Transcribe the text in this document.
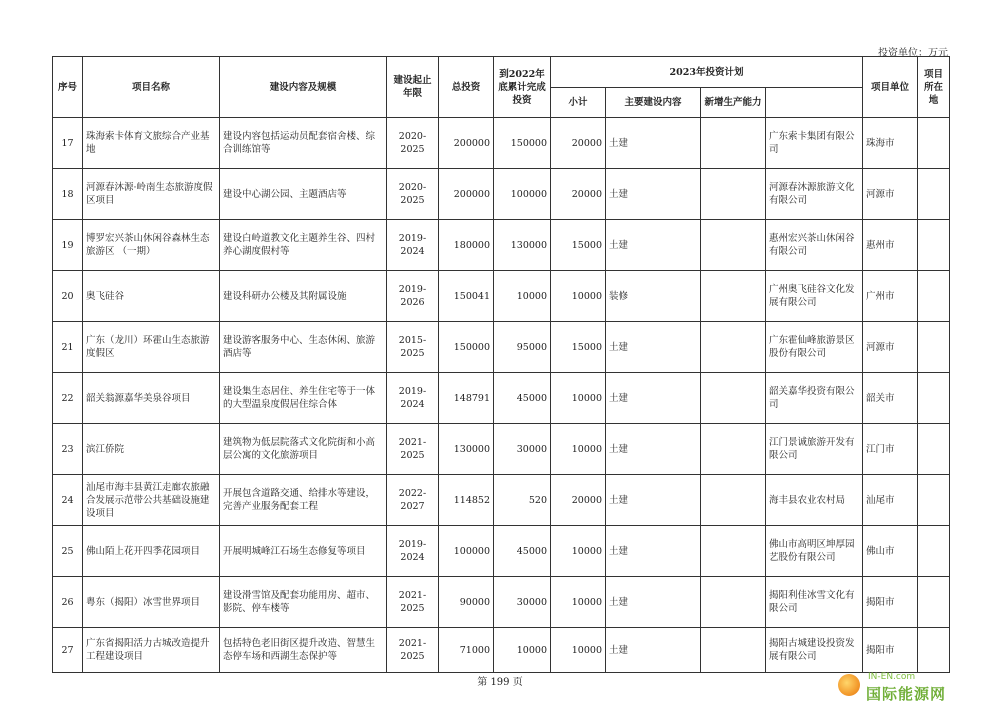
投资单位：万元
序号	项目名称	建设内容及规模	建设起止年限	总投资	到2022年底累计完成投资	2023年投资计划				项目单位	项目所在地	
						小计	主要建设内容	新增生产能力				
17	珠海索卡体育文旅综合产业基地	建设内容包括运动员配套宿舍楼、综合训练馆等	2020-2025	200000	150000	20000	土建		广东索卡集团有限公司	珠海市		
18	河源春沐源·岭南生态旅游度假区项目	建设中心湖公园、主题酒店等	2020-2025	200000	100000	20000	土建		河源春沐源旅游文化有限公司	河源市		
19	博罗宏兴茶山休闲谷森林生态旅游区 （一期）	建设白岭道教文化主题养生谷、四村养心湖度假村等	2019-2024	180000	130000	15000	土建		惠州宏兴茶山休闲谷有限公司	惠州市		
20	奥飞硅谷	建设科研办公楼及其附属设施	2019-2026	150041	10000	10000	装修		广州奥飞硅谷文化发展有限公司	广州市		
21	广东（龙川）环霍山生态旅游度假区	建设游客服务中心、生态休闲、旅游酒店等	2015-2025	150000	95000	15000	土建		广东霍仙峰旅游景区股份有限公司	河源市		
22	韶关翁源嘉华美泉谷项目	建设集生态居住、养生住宅等于一体的大型温泉度假居住综合体	2019-2024	148791	45000	10000	土建		韶关嘉华投资有限公司	韶关市		
23	滨江侨院	建筑物为低层院落式文化院街和小高层公寓的文化旅游项目	2021-2025	130000	30000	10000	土建		江门景诚旅游开发有限公司	江门市		
24	汕尾市海丰县黄江走廊农旅融合发展示范带公共基础设施建设项目	开展包含道路交通、给排水等建设，完善产业服务配套工程	2022-2027	114852	520	20000	土建		海丰县农业农村局	汕尾市		
25	佛山陌上花开四季花园项目	开展明城峰江石场生态修复等项目	2019-2024	100000	45000	10000	土建		佛山市高明区坤厚园艺股份有限公司	佛山市		
26	粤东（揭阳）冰雪世界项目	建设滑雪馆及配套功能用房、超市、影院、停车楼等	2021-2025	90000	30000	10000	土建		揭阳利佳冰雪文化有限公司	揭阳市		
27	广东省揭阳活力古城改造提升工程建设项目	包括特色老旧街区提升改造、智慧生态停车场和西湖生态保护等	2021-2025	71000	10000	10000	土建		揭阳古城建设投资发展有限公司	揭阳市		
第 199 页	IN-EN.com
国际能源网
